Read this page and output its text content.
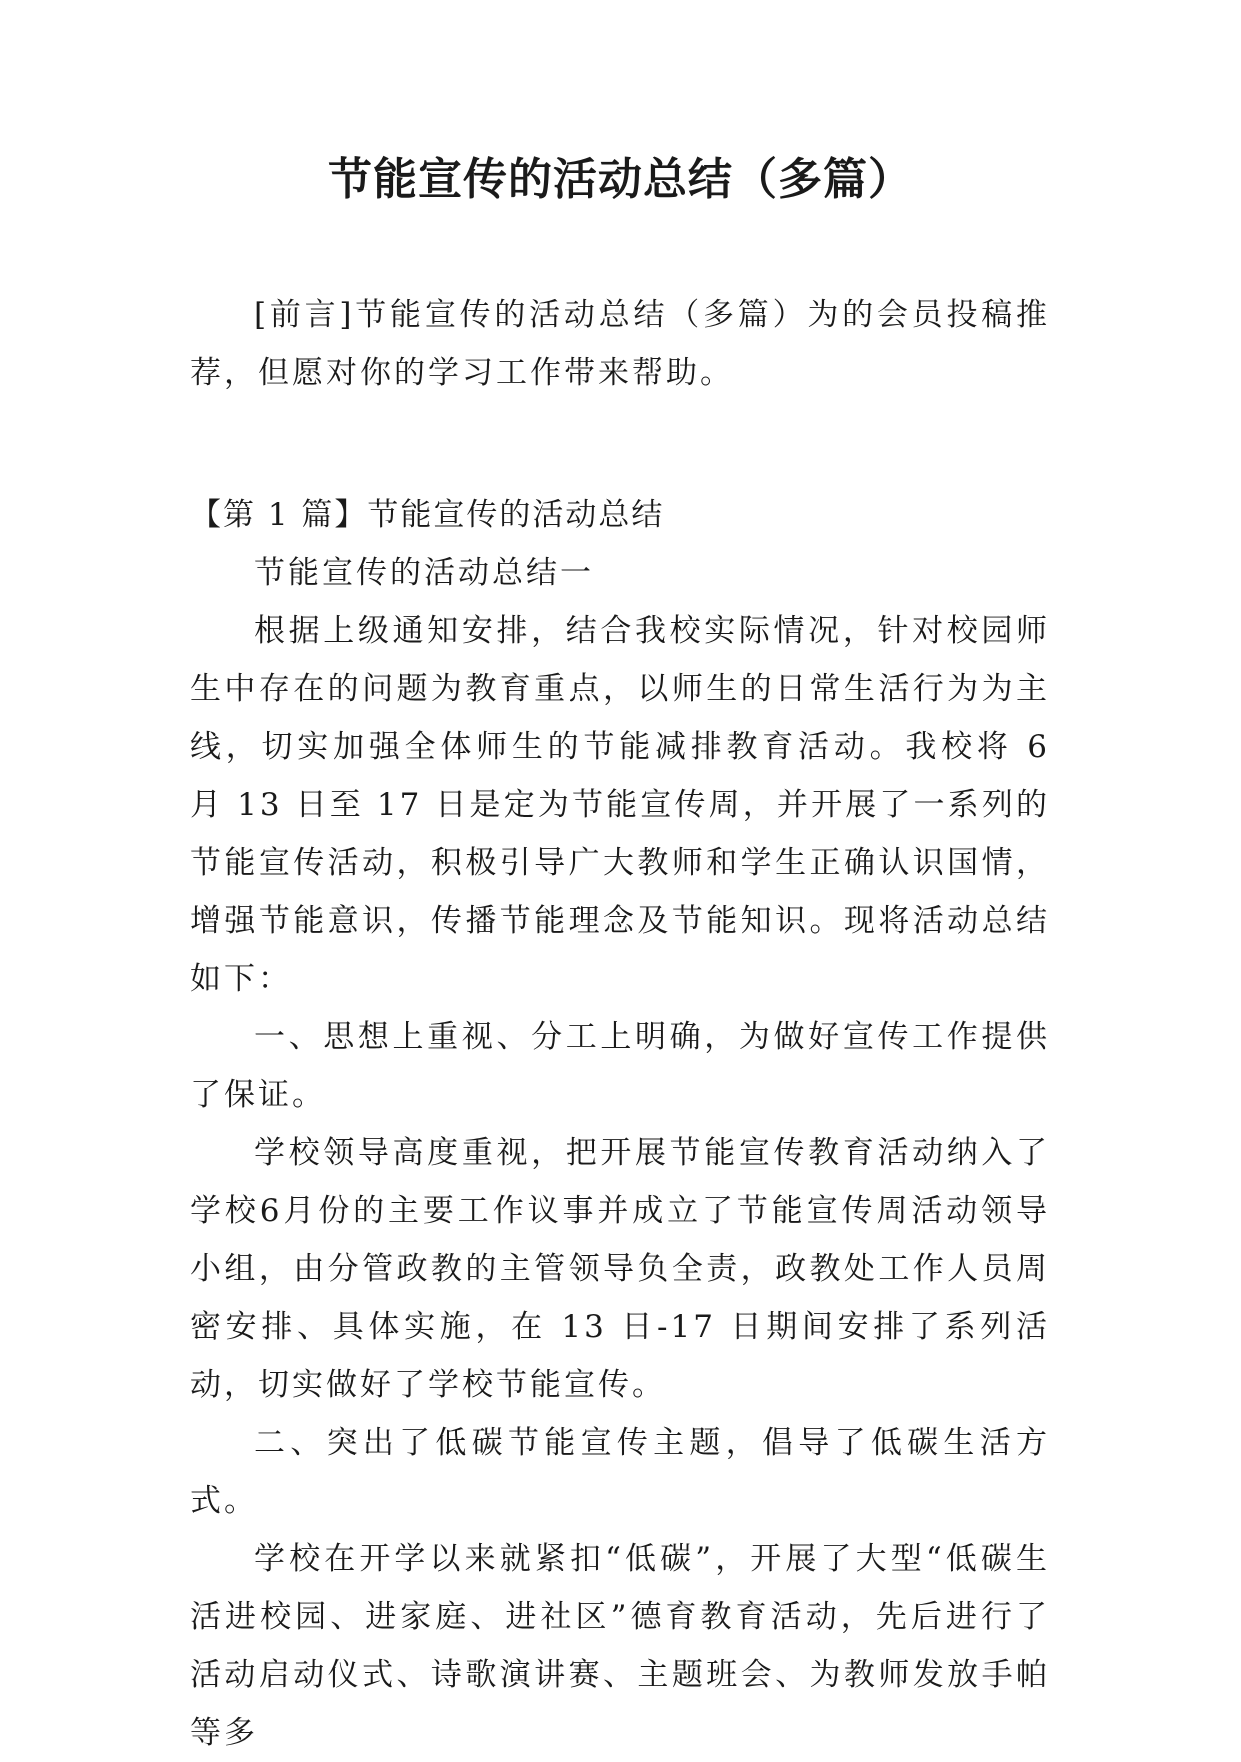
节能宣传的活动总结（多篇）

[前言]节能宣传的活动总结（多篇）为的会员投稿推荐，但愿对你的学习工作带来帮助。

【第 1 篇】节能宣传的活动总结

节能宣传的活动总结一

根据上级通知安排，结合我校实际情况，针对校园师生中存在的问题为教育重点，以师生的日常生活行为为主线，切实加强全体师生的节能减排教育活动。我校将 6 月 13 日至 17 日是定为节能宣传周，并开展了一系列的节能宣传活动，积极引导广大教师和学生正确认识国情，增强节能意识，传播节能理念及节能知识。现将活动总结如下：

一、思想上重视、分工上明确，为做好宣传工作提供了保证。

学校领导高度重视，把开展节能宣传教育活动纳入了学校6月份的主要工作议事并成立了节能宣传周活动领导小组，由分管政教的主管领导负全责，政教处工作人员周密安排、具体实施，在 13 日-17 日期间安排了系列活动，切实做好了学校节能宣传。

二、突出了低碳节能宣传主题，倡导了低碳生活方式。

学校在开学以来就紧扣“低碳”，开展了大型“低碳生活进校园、进家庭、进社区”德育教育活动，先后进行了活动启动仪式、诗歌演讲赛、主题班会、为教师发放手帕等多
